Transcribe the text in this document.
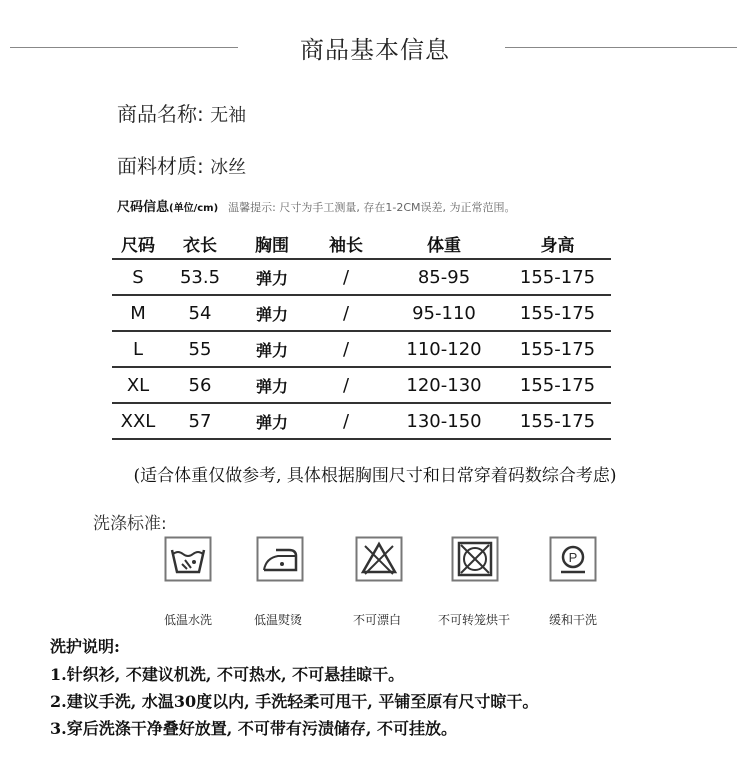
商品基本信息
商品名称: 无袖
面料材质: 冰丝
尺码信息(单位/cm) 温馨提示: 尺寸为手工测量, 存在1-2CM误差, 为正常范围。
尺码	衣长	胸围	袖长	体重	身高
S	53.5	弹力	/	85-95	155-175
M	54	弹力	/	95-110	155-175
L	55	弹力	/	110-120	155-175
XL	56	弹力	/	120-130	155-175
XXL	57	弹力	/	130-150	155-175
(适合体重仅做参考, 具体根据胸围尺寸和日常穿着码数综合考虑)
洗涤标准:
P
低温水洗	低温熨烫	不可漂白	不可转笼烘干	缓和干洗
洗护说明:
1.针织衫, 不建议机洗, 不可热水, 不可悬挂晾干。
2.建议手洗, 水温30度以内, 手洗轻柔可甩干, 平铺至原有尺寸晾干。
3.穿后洗涤干净叠好放置, 不可带有污渍储存, 不可挂放。
